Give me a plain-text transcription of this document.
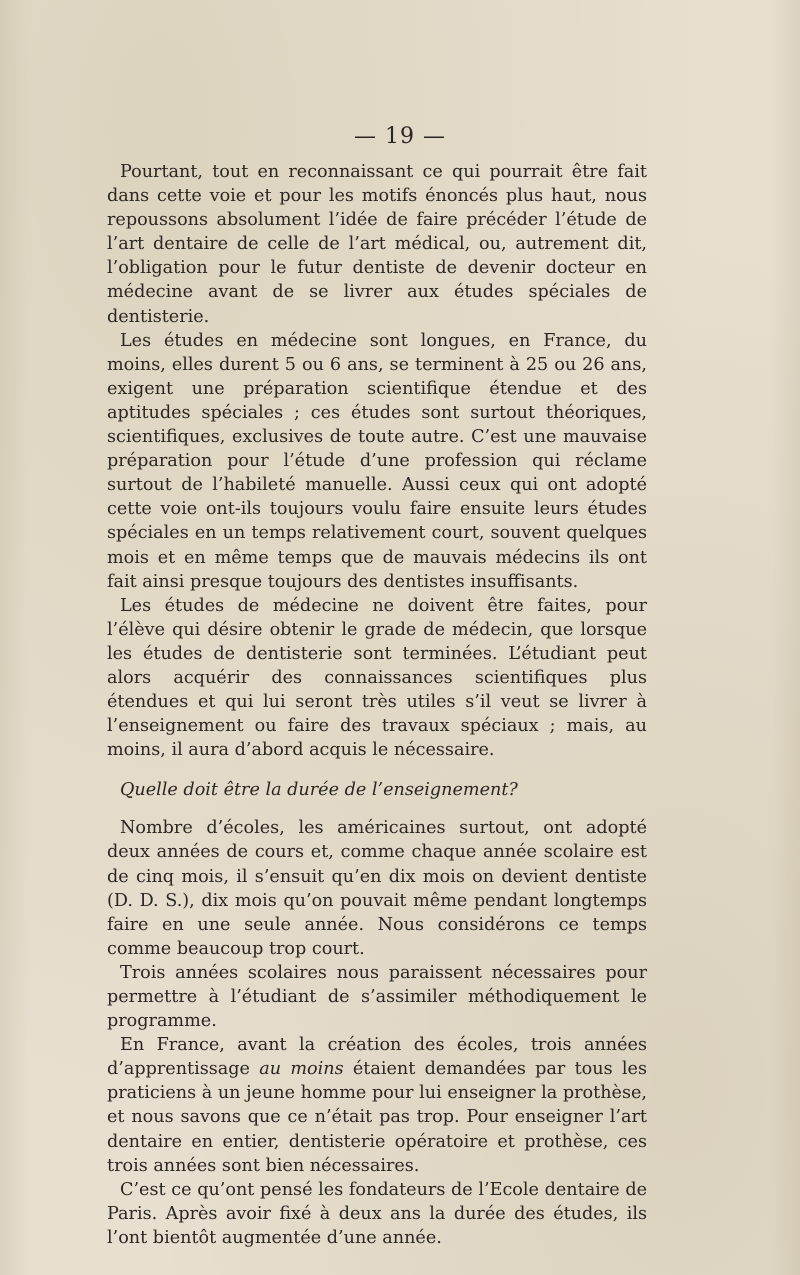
— 19 —

Pourtant, tout en reconnaissant ce qui pourrait être fait dans cette voie et pour les motifs énoncés plus haut, nous repoussons absolument l’idée de faire précéder l’étude de l’art dentaire de celle de l’art médical, ou, autrement dit, l’obligation pour le futur dentiste de devenir docteur en médecine avant de se livrer aux études spéciales de dentisterie.

Les études en médecine sont longues, en France, du moins, elles durent 5 ou 6 ans, se terminent à 25 ou 26 ans, exigent une préparation scientifique étendue et des aptitudes spéciales ; ces études sont surtout théoriques, scientifiques, exclusives de toute autre. C’est une mauvaise préparation pour l’étude d’une profession qui réclame surtout de l’habileté manuelle. Aussi ceux qui ont adopté cette voie ont-ils toujours voulu faire ensuite leurs études spéciales en un temps relativement court, souvent quelques mois et en même temps que de mauvais médecins ils ont fait ainsi presque toujours des dentistes insuffisants.

Les études de médecine ne doivent être faites, pour l’élève qui désire obtenir le grade de médecin, que lorsque les études de dentisterie sont terminées. L’étudiant peut alors acquérir des connaissances scientifiques plus étendues et qui lui seront très utiles s’il veut se livrer à l’enseignement ou faire des travaux spéciaux ; mais, au moins, il aura d’abord acquis le nécessaire.

Quelle doit être la durée de l’enseignement?

Nombre d’écoles, les américaines surtout, ont adopté deux années de cours et, comme chaque année scolaire est de cinq mois, il s’ensuit qu’en dix mois on devient dentiste (D. D. S.), dix mois qu’on pouvait même pendant longtemps faire en une seule année. Nous considérons ce temps comme beaucoup trop court.

Trois années scolaires nous paraissent nécessaires pour permettre à l’étudiant de s’assimiler méthodiquement le programme.

En France, avant la création des écoles, trois années d’apprentissage au moins étaient demandées par tous les praticiens à un jeune homme pour lui enseigner la prothèse, et nous savons que ce n’était pas trop. Pour enseigner l’art dentaire en entier, dentisterie opératoire et prothèse, ces trois années sont bien nécessaires.

C’est ce qu’ont pensé les fondateurs de l’Ecole dentaire de Paris. Après avoir fixé à deux ans la durée des études, ils l’ont bientôt augmentée d’une année.
